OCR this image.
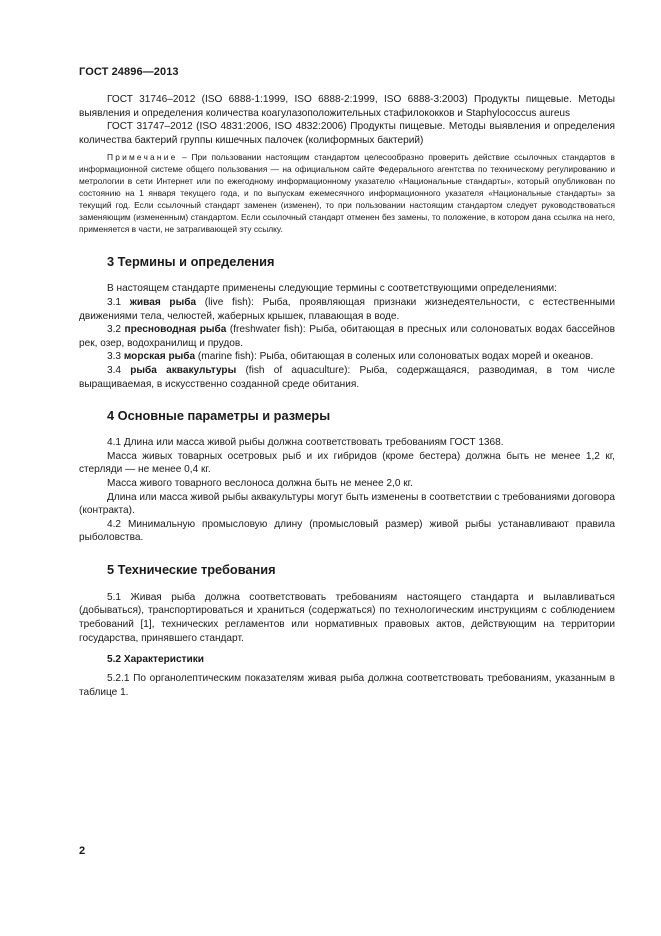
ГОСТ 24896—2013

ГОСТ 31746–2012 (ISO 6888-1:1999, ISO 6888-2:1999, ISO 6888-3:2003) Продукты пищевые. Методы выявления и определения количества коагулазоположительных стафилококков и Staphylococcus aureus

ГОСТ 31747–2012 (ISO 4831:2006, ISO 4832:2006) Продукты пищевые. Методы выявления и определения количества бактерий группы кишечных палочек (колиформных бактерий)

Примечание – При пользовании настоящим стандартом целесообразно проверить действие ссылочных стандартов в информационной системе общего пользования — на официальном сайте Федерального агентства по техническому регулированию и метрологии в сети Интернет или по ежегодному информационному указателю «Национальные стандарты», который опубликован по состоянию на 1 января текущего года, и по выпускам ежемесячного информационного указателя «Национальные стандарты» за текущий год. Если ссылочный стандарт заменен (изменен), то при пользовании настоящим стандартом следует руководствоваться заменяющим (измененным) стандартом. Если ссылочный стандарт отменен без замены, то положение, в котором дана ссылка на него, применяется в части, не затрагивающей эту ссылку.

3 Термины и определения

В настоящем стандарте применены следующие термины с соответствующими определениями:

3.1 живая рыба (live fish): Рыба, проявляющая признаки жизнедеятельности, с естественными движениями тела, челюстей, жаберных крышек, плавающая в воде.

3.2 пресноводная рыба (freshwater fish): Рыба, обитающая в пресных или солоноватых водах бассейнов рек, озер, водохранилищ и прудов.

3.3 морская рыба (marine fish): Рыба, обитающая в соленых или солоноватых водах морей и океанов.

3.4 рыба аквакультуры (fish of aquaculture): Рыба, содержащаяся, разводимая, в том числе выращиваемая, в искусственно созданной среде обитания.

4 Основные параметры и размеры

4.1 Длина или масса живой рыбы должна соответствовать требованиям ГОСТ 1368.

Масса живых товарных осетровых рыб и их гибридов (кроме бестера) должна быть не менее 1,2 кг, стерляди — не менее 0,4 кг.

Масса живого товарного веслоноса должна быть не менее 2,0 кг.

Длина или масса живой рыбы аквакультуры могут быть изменены в соответствии с требованиями договора (контракта).

4.2 Минимальную промысловую длину (промысловый размер) живой рыбы устанавливают правила рыболовства.

5 Технические требования

5.1 Живая рыба должна соответствовать требованиям настоящего стандарта и вылавливаться (добываться), транспортироваться и храниться (содержаться) по технологическим инструкциям с соблюдением требований [1], технических регламентов или нормативных правовых актов, действующим на территории государства, принявшего стандарт.

5.2 Характеристики

5.2.1 По органолептическим показателям живая рыба должна соответствовать требованиям, указанным в таблице 1.

2
